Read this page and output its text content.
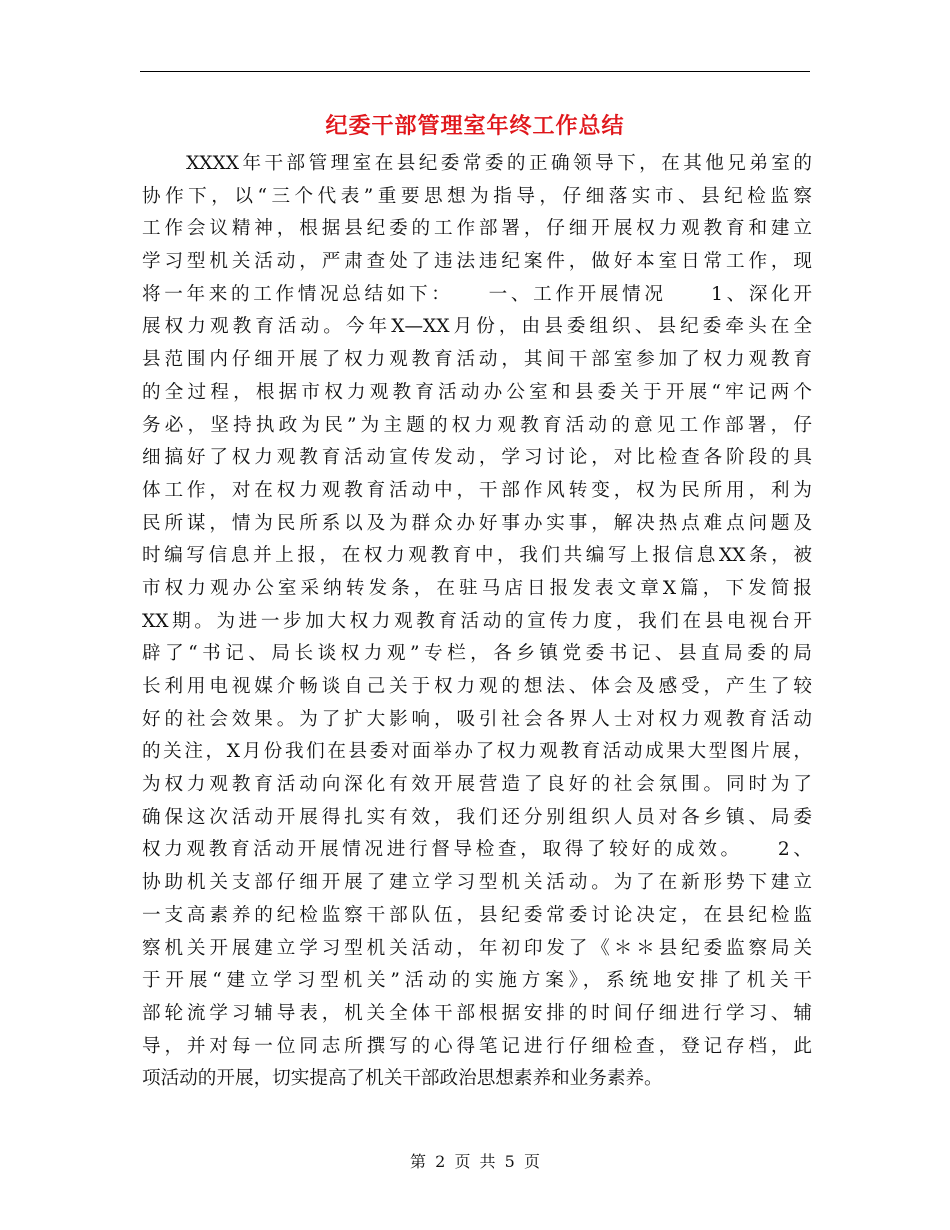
纪委干部管理室年终工作总结
　　XXXX年干部管理室在县纪委常委的正确领导下，在其他兄弟室的
协作下，以“三个代表”重要思想为指导，仔细落实市、县纪检监察
工作会议精神，根据县纪委的工作部署，仔细开展权力观教育和建立
学习型机关活动，严肃查处了违法违纪案件，做好本室日常工作，现
将一年来的工作情况总结如下：　　一、工作开展情况　　1、深化开
展权力观教育活动。今年X—XX月份，由县委组织、县纪委牵头在全
县范围内仔细开展了权力观教育活动，其间干部室参加了权力观教育
的全过程，根据市权力观教育活动办公室和县委关于开展“牢记两个
务必，坚持执政为民”为主题的权力观教育活动的意见工作部署，仔
细搞好了权力观教育活动宣传发动，学习讨论，对比检查各阶段的具
体工作，对在权力观教育活动中，干部作风转变，权为民所用，利为
民所谋，情为民所系以及为群众办好事办实事，解决热点难点问题及
时编写信息并上报，在权力观教育中，我们共编写上报信息XX条，被
市权力观办公室采纳转发条，在驻马店日报发表文章X篇，下发简报
XX期。为进一步加大权力观教育活动的宣传力度，我们在县电视台开
辟了“书记、局长谈权力观”专栏，各乡镇党委书记、县直局委的局
长利用电视媒介畅谈自己关于权力观的想法、体会及感受，产生了较
好的社会效果。为了扩大影响，吸引社会各界人士对权力观教育活动
的关注，X月份我们在县委对面举办了权力观教育活动成果大型图片展，
为权力观教育活动向深化有效开展营造了良好的社会氛围。同时为了
确保这次活动开展得扎实有效，我们还分别组织人员对各乡镇、局委
权力观教育活动开展情况进行督导检查，取得了较好的成效。　　2、
协助机关支部仔细开展了建立学习型机关活动。为了在新形势下建立
一支高素养的纪检监察干部队伍，县纪委常委讨论决定，在县纪检监
察机关开展建立学习型机关活动，年初印发了《＊＊县纪委监察局关
于开展“建立学习型机关”活动的实施方案》，系统地安排了机关干
部轮流学习辅导表，机关全体干部根据安排的时间仔细进行学习、辅
导，并对每一位同志所撰写的心得笔记进行仔细检查，登记存档，此
项活动的开展，切实提高了机关干部政治思想素养和业务素养。
第 2 页 共 5 页
